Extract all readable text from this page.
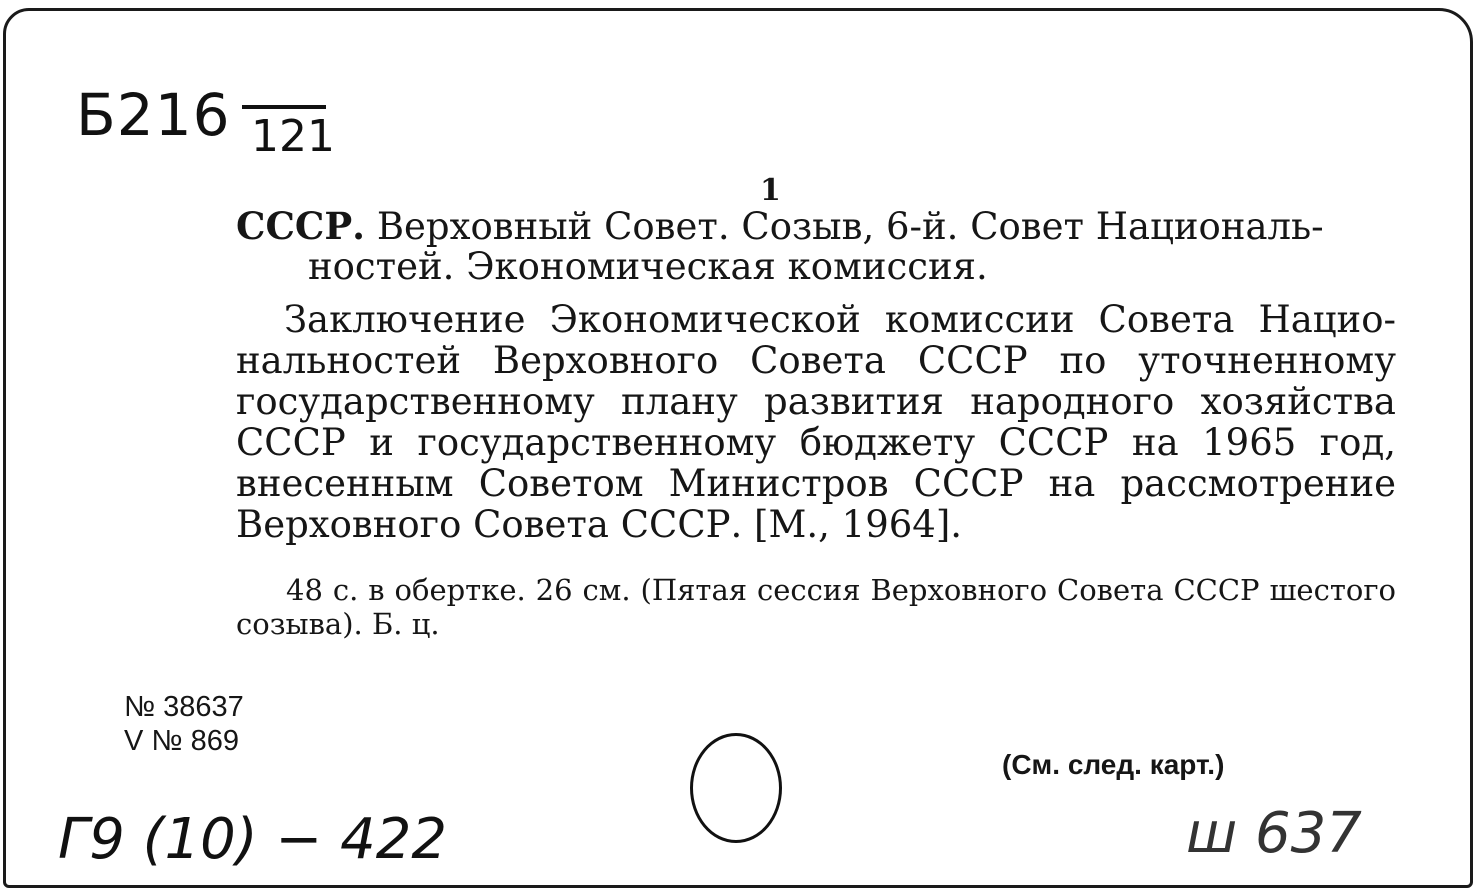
Б216 121
1
СССР. Верховный Совет. Созыв, 6-й. Совет Националь-
ностей. Экономическая комиссия.
Заключение Экономической комиссии Совета Нацио-нальностей Верховного Совета СССР по уточненному государственному плану развития народного хозяйства СССР и государственному бюджету СССР на 1965 год, внесенным Советом Министров СССР на рассмотрение Верховного Совета СССР. [М., 1964].
48 с. в обертке. 26 см. (Пятая сессия Верховного Совета СССР шестого созыва). Б. ц.
№ 38637
V № 869
(См. след. карт.)
Г9 (10) − 422	ш 637
